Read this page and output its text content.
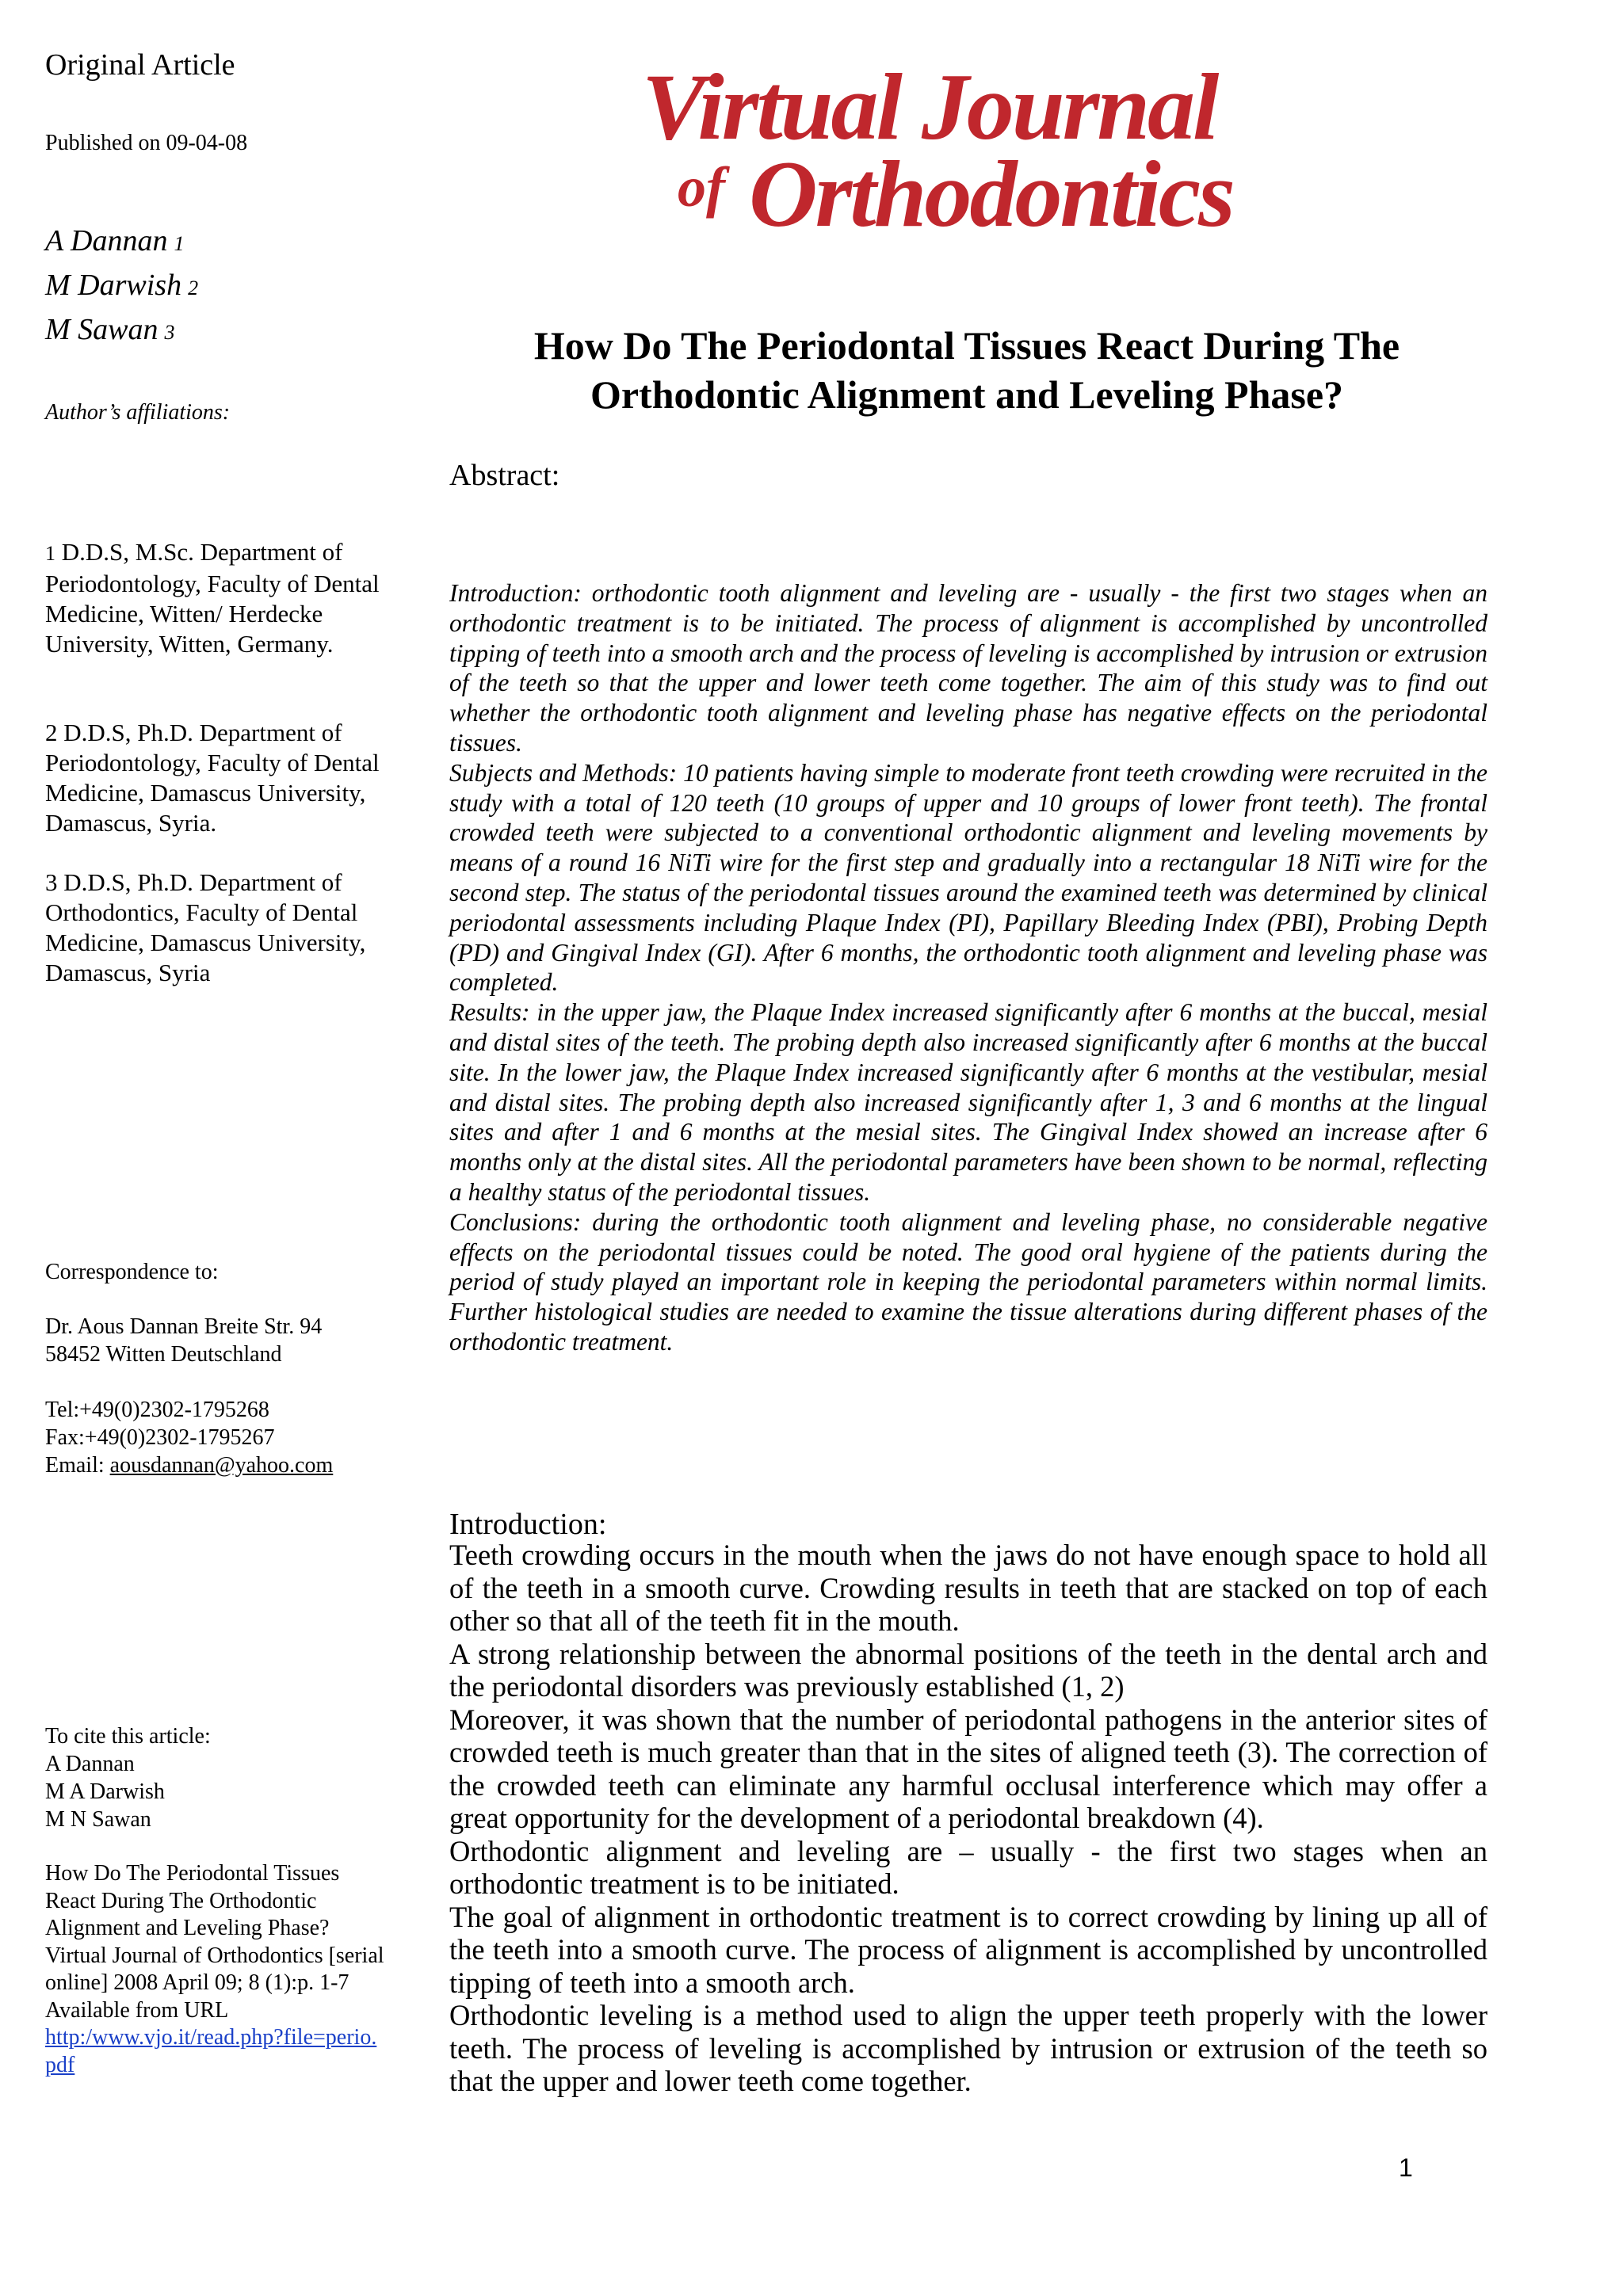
Original Article
Published on 09-04-08
A Dannan 1
M Darwish 2
M Sawan 3
Author’s affiliations:
1 D.D.S, M.Sc. Department of Periodontology, Faculty of Dental Medicine, Witten/ Herdecke University, Witten, Germany.
2 D.D.S, Ph.D. Department of Periodontology, Faculty of Dental Medicine, Damascus University, Damascus, Syria.
3 D.D.S, Ph.D. Department of Orthodontics, Faculty of Dental Medicine, Damascus University, Damascus, Syria
Correspondence to:
Dr. Aous Dannan Breite Str. 94
58452 Witten Deutschland
Tel:+49(0)2302-1795268
Fax:+49(0)2302-1795267
Email: aousdannan@yahoo.com
To cite this article:
A Dannan
M A Darwish
M N Sawan
How Do The Periodontal Tissues React During The Orthodontic Alignment and Leveling Phase? Virtual Journal of Orthodontics [serial online] 2008 April 09; 8 (1):p. 1-7
Available from URL
http:/www.vjo.it/read.php?file=perio.pdf
Virtual Journal
of Orthodontics
How Do The Periodontal Tissues React During The Orthodontic Alignment and Leveling Phase?
Abstract:

Introduction: orthodontic tooth alignment and leveling are - usually - the first two stages when an orthodontic treatment is to be initiated. The process of alignment is accomplished by uncontrolled tipping of teeth into a smooth arch and the process of leveling is accomplished by intrusion or extrusion of the teeth so that the upper and lower teeth come together. The aim of this study was to find out whether the orthodontic tooth alignment and leveling phase has negative effects on the periodontal tissues.

Subjects and Methods: 10 patients having simple to moderate front teeth crowding were recruited in the study with a total of 120 teeth (10 groups of upper and 10 groups of lower front teeth). The frontal crowded teeth were subjected to a conventional orthodontic alignment and leveling movements by means of a round 16 NiTi wire for the first step and gradually into a rectangular 18 NiTi wire for the second step. The status of the periodontal tissues around the examined teeth was determined by clinical periodontal assessments including Plaque Index (PI), Papillary Bleeding Index (PBI), Probing Depth (PD) and Gingival Index (GI). After 6 months, the orthodontic tooth alignment and leveling phase was completed.

Results: in the upper jaw, the Plaque Index increased significantly after 6 months at the buccal, mesial and distal sites of the teeth. The probing depth also increased significantly after 6 months at the buccal site. In the lower jaw, the Plaque Index increased significantly after 6 months at the vestibular, mesial and distal sites. The probing depth also increased significantly after 1, 3 and 6 months at the lingual sites and after 1 and 6 months at the mesial sites. The Gingival Index showed an increase after 6 months only at the distal sites. All the periodontal parameters have been shown to be normal, reflecting a healthy status of the periodontal tissues.

Conclusions: during the orthodontic tooth alignment and leveling phase, no considerable negative effects on the periodontal tissues could be noted. The good oral hygiene of the patients during the period of study played an important role in keeping the periodontal parameters within normal limits. Further histological studies are needed to examine the tissue alterations during different phases of the orthodontic treatment.

Introduction:

Teeth crowding occurs in the mouth when the jaws do not have enough space to hold all of the teeth in a smooth curve. Crowding results in teeth that are stacked on top of each other so that all of the teeth fit in the mouth.

A strong relationship between the abnormal positions of the teeth in the dental arch and the periodontal disorders was previously established (1, 2)

Moreover, it was shown that the number of periodontal pathogens in the anterior sites of crowded teeth is much greater than that in the sites of aligned teeth (3). The correction of the crowded teeth can eliminate any harmful occlusal interference which may offer a great opportunity for the development of a periodontal breakdown (4).

Orthodontic alignment and leveling are – usually - the first two stages when an orthodontic treatment is to be initiated.

The goal of alignment in orthodontic treatment is to correct crowding by lining up all of the teeth into a smooth curve. The process of alignment is accomplished by uncontrolled tipping of teeth into a smooth arch.

Orthodontic leveling is a method used to align the upper teeth properly with the lower teeth. The process of leveling is accomplished by intrusion or extrusion of the teeth so that the upper and lower teeth come together.

1
